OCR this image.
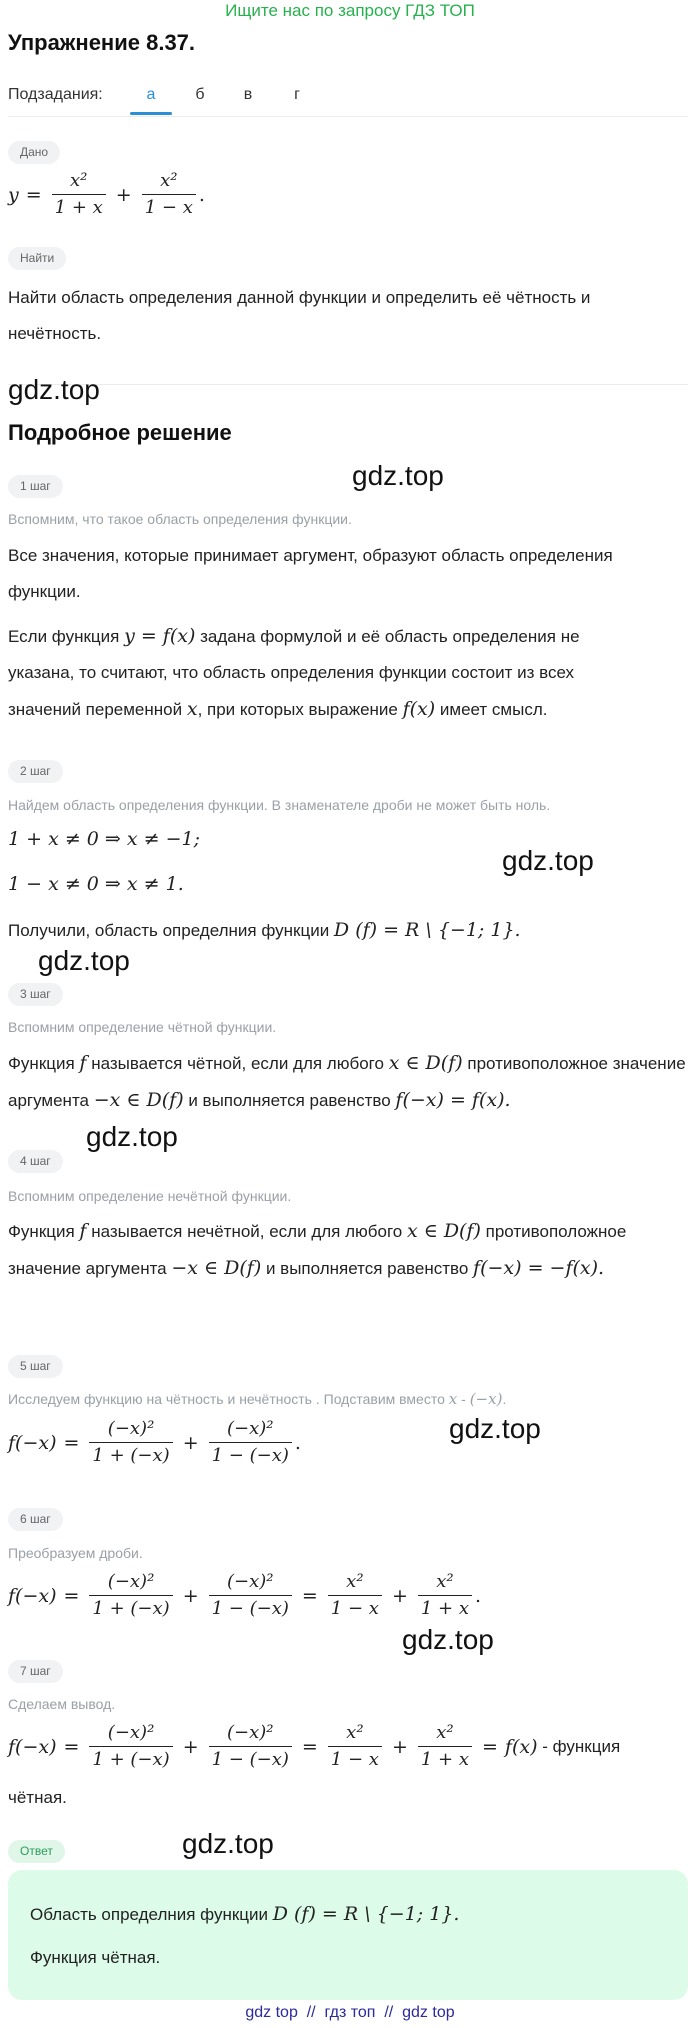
Ищите нас по запросу ГДЗ ТОП
Упражнение 8.37.
Подзадания:	а	б	в	г
Дано
$y = \frac{\text{x²}}{1 + x} + \frac{\text{x²}}{1 - x}$ .
Найти
Найти область определения данной функции и определить её чётность и нечётность.
gdz.top
gdz.top
gdz.top
gdz.top
gdz.top
gdz.top
gdz.top
gdz.top
Подробное решение
1 шаг
Вспомним, что такое область определения функции.
Все значения, которые принимает аргумент, образуют область определения функции.
Если функция y = f(x) задана формулой и её область определения не указана, то считают, что область определения функции состоит из всех значений переменной x, при которых выражение f(x) имеет смысл.
2 шаг
Найдем область определения функции. В знаменателе дроби не может быть ноль.
1 + x ≠ 0 ⇒ x ≠ −1;
1 − x ≠ 0 ⇒ x ≠ 1.
Получили, область определния функции D (f) = R \ {−1; 1}.
3 шаг
Вспомним определение чётной функции.
Функция f называется чётной, если для любого x ∈ D(f) противоположное значение аргумента −x ∈ D(f) и выполняется равенство f(−x) = f(x).
4 шаг
Вспомним определение нечётной функции.
Функция f называется нечётной, если для любого x ∈ D(f) противоположное значение аргумента −x ∈ D(f) и выполняется равенство f(−x) = −f(x).
5 шаг
Исследуем функцию на чётность и нечётность . Подставим вместо x - (−x).
$f(-x) = \frac{\text{(−x)²}}{1 + (-x)} + \frac{\text{(−x)²}}{1 - (-x)}$ .
6 шаг
Преобразуем дроби.
$f(-x) = \frac{\text{(−x)²}}{1 + (-x)} + \frac{\text{(−x)²}}{1 - (-x)} = \frac{\text{x²}}{1 - x} + \frac{\text{x²}}{1 + x}$ .
7 шаг
Сделаем вывод.
$f(-x) = \frac{\text{(−x)²}}{1 + (-x)} + \frac{\text{(−x)²}}{1 - (-x)} = \frac{\text{x²}}{1 - x} + \frac{\text{x²}}{1 + x} = f(x)$ - функция
чётная.
Ответ
Область определния функции D (f) = R \ {−1; 1}.
Функция чётная.
gdz top  //  гдз топ  //  gdz top
